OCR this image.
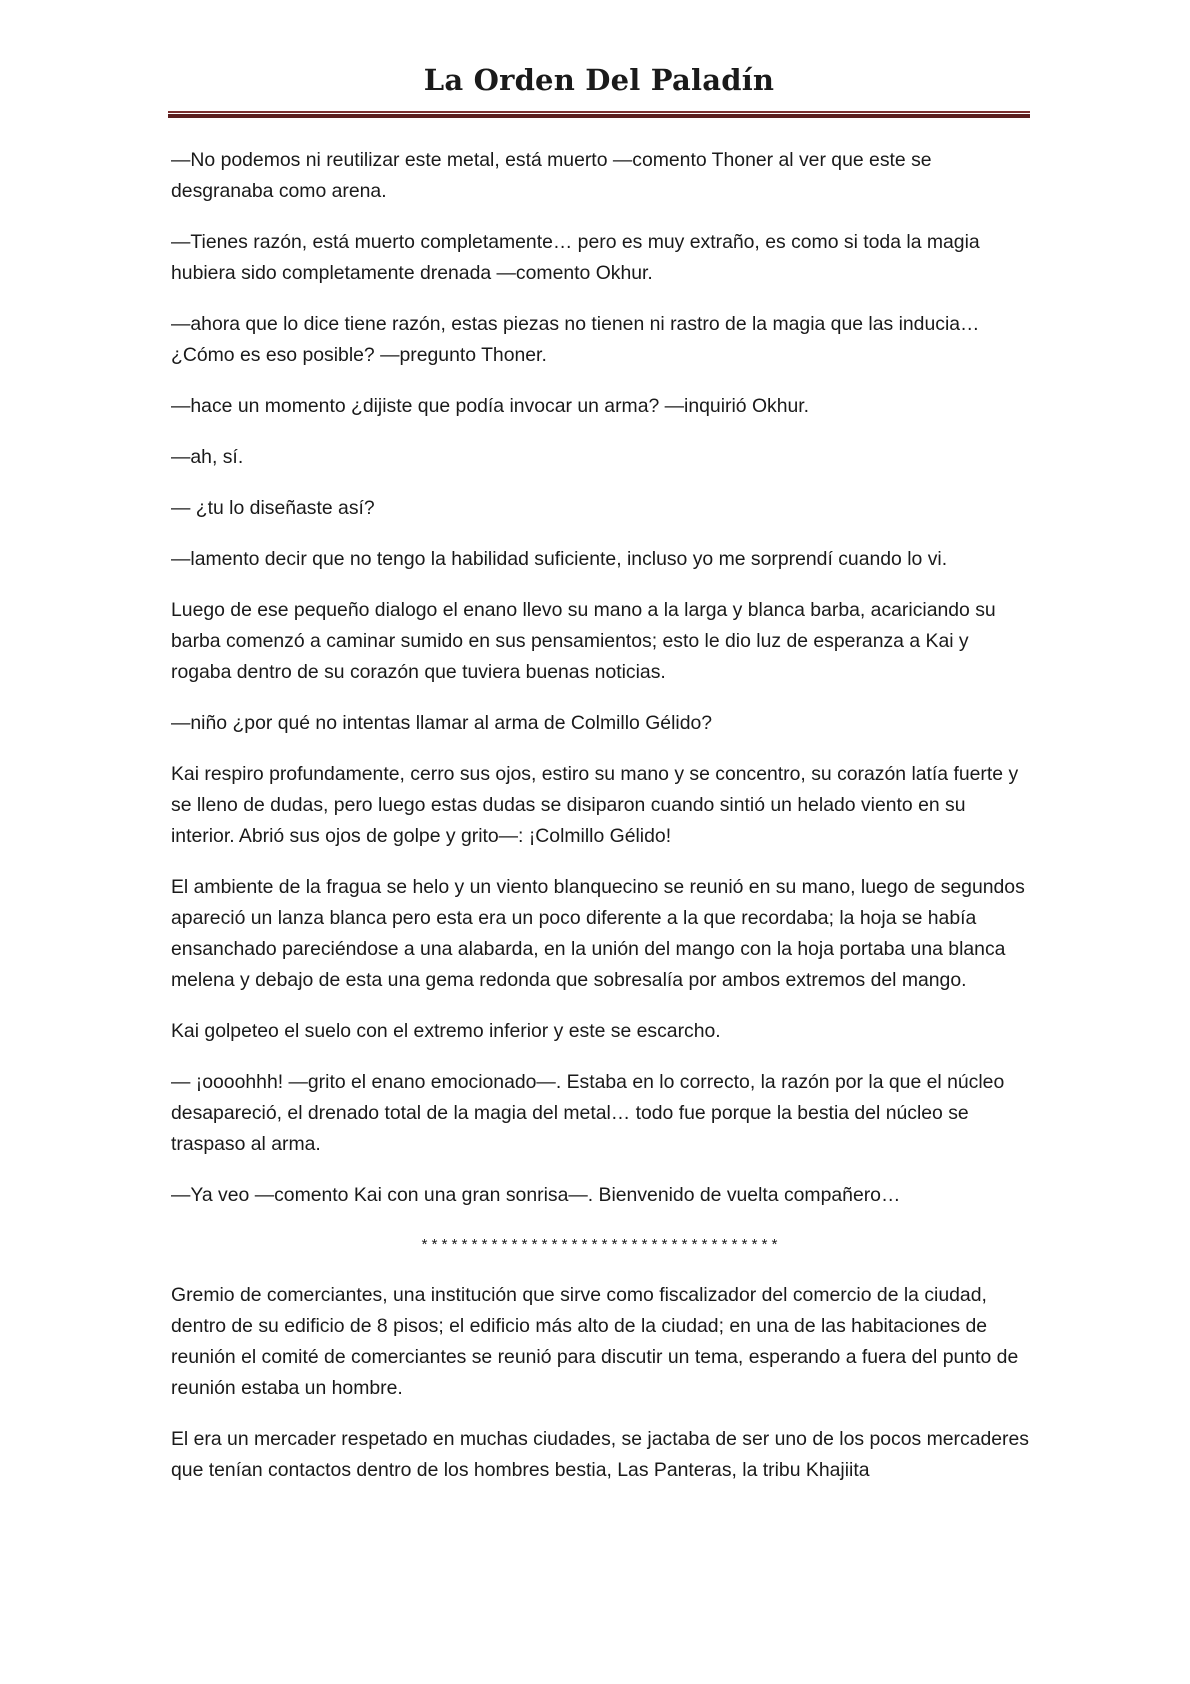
La Orden Del Paladín

—No podemos ni reutilizar este metal, está muerto —comento Thoner al ver que este se desgranaba como arena.

—Tienes razón, está muerto completamente… pero es muy extraño, es como si toda la magia hubiera sido completamente drenada —comento Okhur.

—ahora que lo dice tiene razón, estas piezas no tienen ni rastro de la magia que las inducia… ¿Cómo es eso posible? —pregunto Thoner.

—hace un momento ¿dijiste que podía invocar un arma? —inquirió Okhur.

—ah, sí.

— ¿tu lo diseñaste así?

—lamento decir que no tengo la habilidad suficiente, incluso yo me sorprendí cuando lo vi.

Luego de ese pequeño dialogo el enano llevo su mano a la larga y blanca barba, acariciando su barba comenzó a caminar sumido en sus pensamientos; esto le dio luz de esperanza a Kai y rogaba dentro de su corazón que tuviera buenas noticias.

—niño ¿por qué no intentas llamar al arma de Colmillo Gélido?

Kai respiro profundamente, cerro sus ojos, estiro su mano y se concentro, su corazón latía fuerte y se lleno de dudas, pero luego estas dudas se disiparon cuando sintió un helado viento en su interior. Abrió sus ojos de golpe y grito—: ¡Colmillo Gélido!

El ambiente de la fragua se helo y un viento blanquecino se reunió en su mano, luego de segundos apareció un lanza blanca pero esta era un poco diferente a la que recordaba; la hoja se había ensanchado pareciéndose a una alabarda, en la unión del mango con la hoja portaba una blanca melena y debajo de esta una gema redonda que sobresalía por ambos extremos del mango.

Kai golpeteo el suelo con el extremo inferior y este se escarcho.

— ¡oooohhh! —grito el enano emocionado—. Estaba en lo correcto, la razón por la que el núcleo desapareció, el drenado total de la magia del metal… todo fue porque la bestia del núcleo se traspaso al arma.

—Ya veo —comento Kai con una gran sonrisa—. Bienvenido de vuelta compañero…

************************************

Gremio de comerciantes, una institución que sirve como fiscalizador del comercio de la ciudad, dentro de su edificio de 8 pisos; el edificio más alto de la ciudad; en una de las habitaciones de reunión el comité de comerciantes se reunió para discutir un tema, esperando a fuera del punto de reunión estaba un hombre.

El era un mercader respetado en muchas ciudades, se jactaba de ser uno de los pocos mercaderes que tenían contactos dentro de los hombres bestia, Las Panteras, la tribu Khajiita
